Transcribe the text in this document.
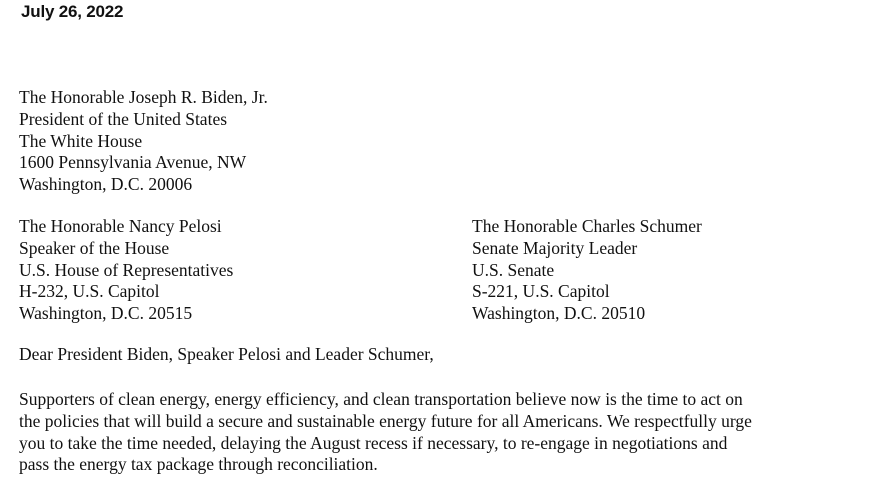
July 26, 2022
The Honorable Joseph R. Biden, Jr.
President of the United States
The White House
1600 Pennsylvania Avenue, NW
Washington, D.C. 20006
The Honorable Nancy Pelosi
Speaker of the House
U.S. House of Representatives
H-232, U.S. Capitol
Washington, D.C. 20515
The Honorable Charles Schumer
Senate Majority Leader
U.S. Senate
S-221, U.S. Capitol
Washington, D.C. 20510
Dear President Biden, Speaker Pelosi and Leader Schumer,
Supporters of clean energy, energy efficiency, and clean transportation believe now is the time to act on
the policies that will build a secure and sustainable energy future for all Americans. We respectfully urge
you to take the time needed, delaying the August recess if necessary, to re-engage in negotiations and
pass the energy tax package through reconciliation.
